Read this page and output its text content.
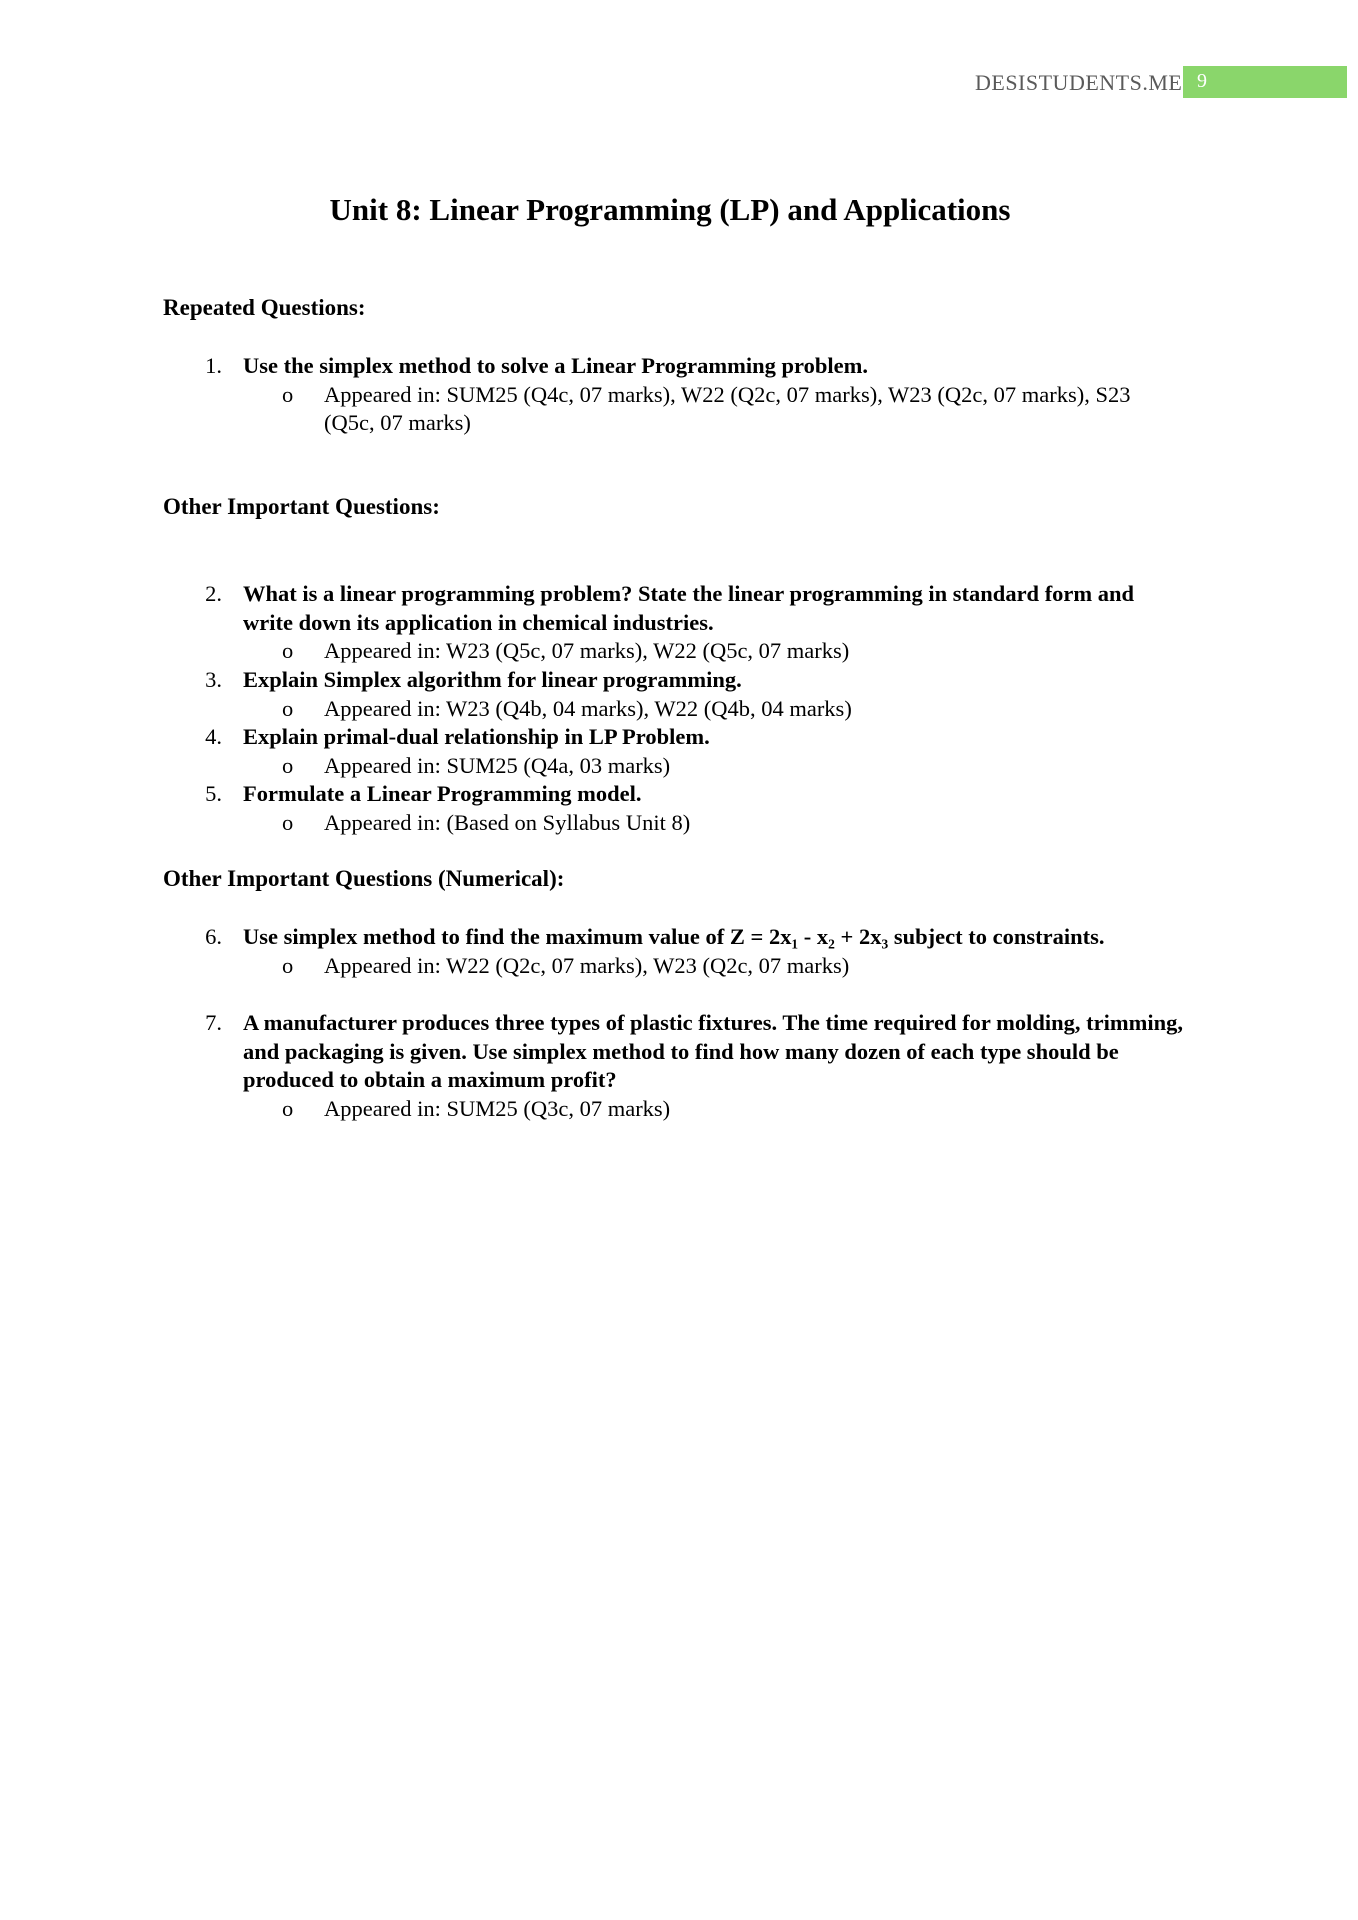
DESISTUDENTS.ME 9
Unit 8: Linear Programming (LP) and Applications
Repeated Questions:
1. Use the simplex method to solve a Linear Programming problem.
o Appeared in: SUM25 (Q4c, 07 marks), W22 (Q2c, 07 marks), W23 (Q2c, 07 marks), S23 (Q5c, 07 marks)
Other Important Questions:
2. What is a linear programming problem? State the linear programming in standard form and write down its application in chemical industries.
o Appeared in: W23 (Q5c, 07 marks), W22 (Q5c, 07 marks)
3. Explain Simplex algorithm for linear programming.
o Appeared in: W23 (Q4b, 04 marks), W22 (Q4b, 04 marks)
4. Explain primal-dual relationship in LP Problem.
o Appeared in: SUM25 (Q4a, 03 marks)
5. Formulate a Linear Programming model.
o Appeared in: (Based on Syllabus Unit 8)
Other Important Questions (Numerical):
6. Use simplex method to find the maximum value of Z = 2x₁ - x₂ + 2x₃ subject to constraints.
o Appeared in: W22 (Q2c, 07 marks), W23 (Q2c, 07 marks)
7. A manufacturer produces three types of plastic fixtures. The time required for molding, trimming, and packaging is given. Use simplex method to find how many dozen of each type should be produced to obtain a maximum profit?
o Appeared in: SUM25 (Q3c, 07 marks)
